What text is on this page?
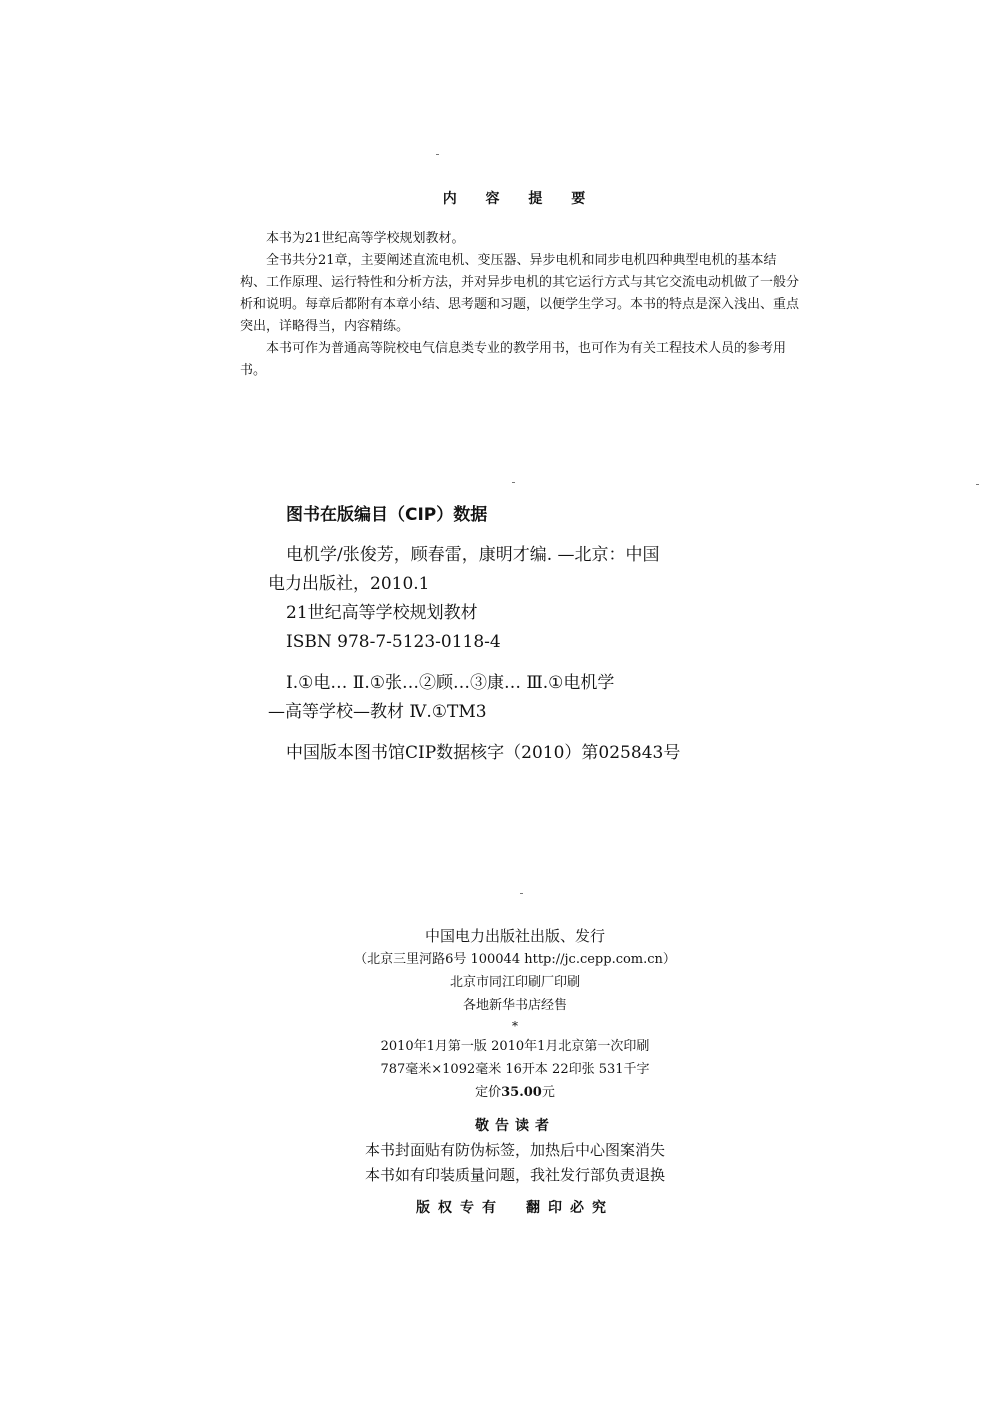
内 容 提 要

本书为21世纪高等学校规划教材。

全书共分21章，主要阐述直流电机、变压器、异步电机和同步电机四种典型电机的基本结构、工作原理、运行特性和分析方法，并对异步电机的其它运行方式与其它交流电动机做了一般分析和说明。每章后都附有本章小结、思考题和习题，以便学生学习。本书的特点是深入浅出、重点突出，详略得当，内容精练。

本书可作为普通高等院校电气信息类专业的教学用书，也可作为有关工程技术人员的参考用书。

图书在版编目（CIP）数据
电机学/张俊芳，顾春雷，康明才编. —北京：中国
电力出版社，2010.1
21世纪高等学校规划教材
ISBN 978-7-5123-0118-4
Ⅰ.①电… Ⅱ.①张…②顾…③康… Ⅲ.①电机学
—高等学校—教材 Ⅳ.①TM3
中国版本图书馆CIP数据核字（2010）第025843号
中国电力出版社出版、发行
（北京三里河路6号 100044 http://jc.cepp.com.cn）
北京市同江印刷厂印刷
各地新华书店经售
*
2010年1月第一版 2010年1月北京第一次印刷
787毫米×1092毫米 16开本 22印张 531千字
定价35.00元
敬告读者
本书封面贴有防伪标签，加热后中心图案消失
本书如有印装质量问题，我社发行部负责退换
版权专有 翻印必究
